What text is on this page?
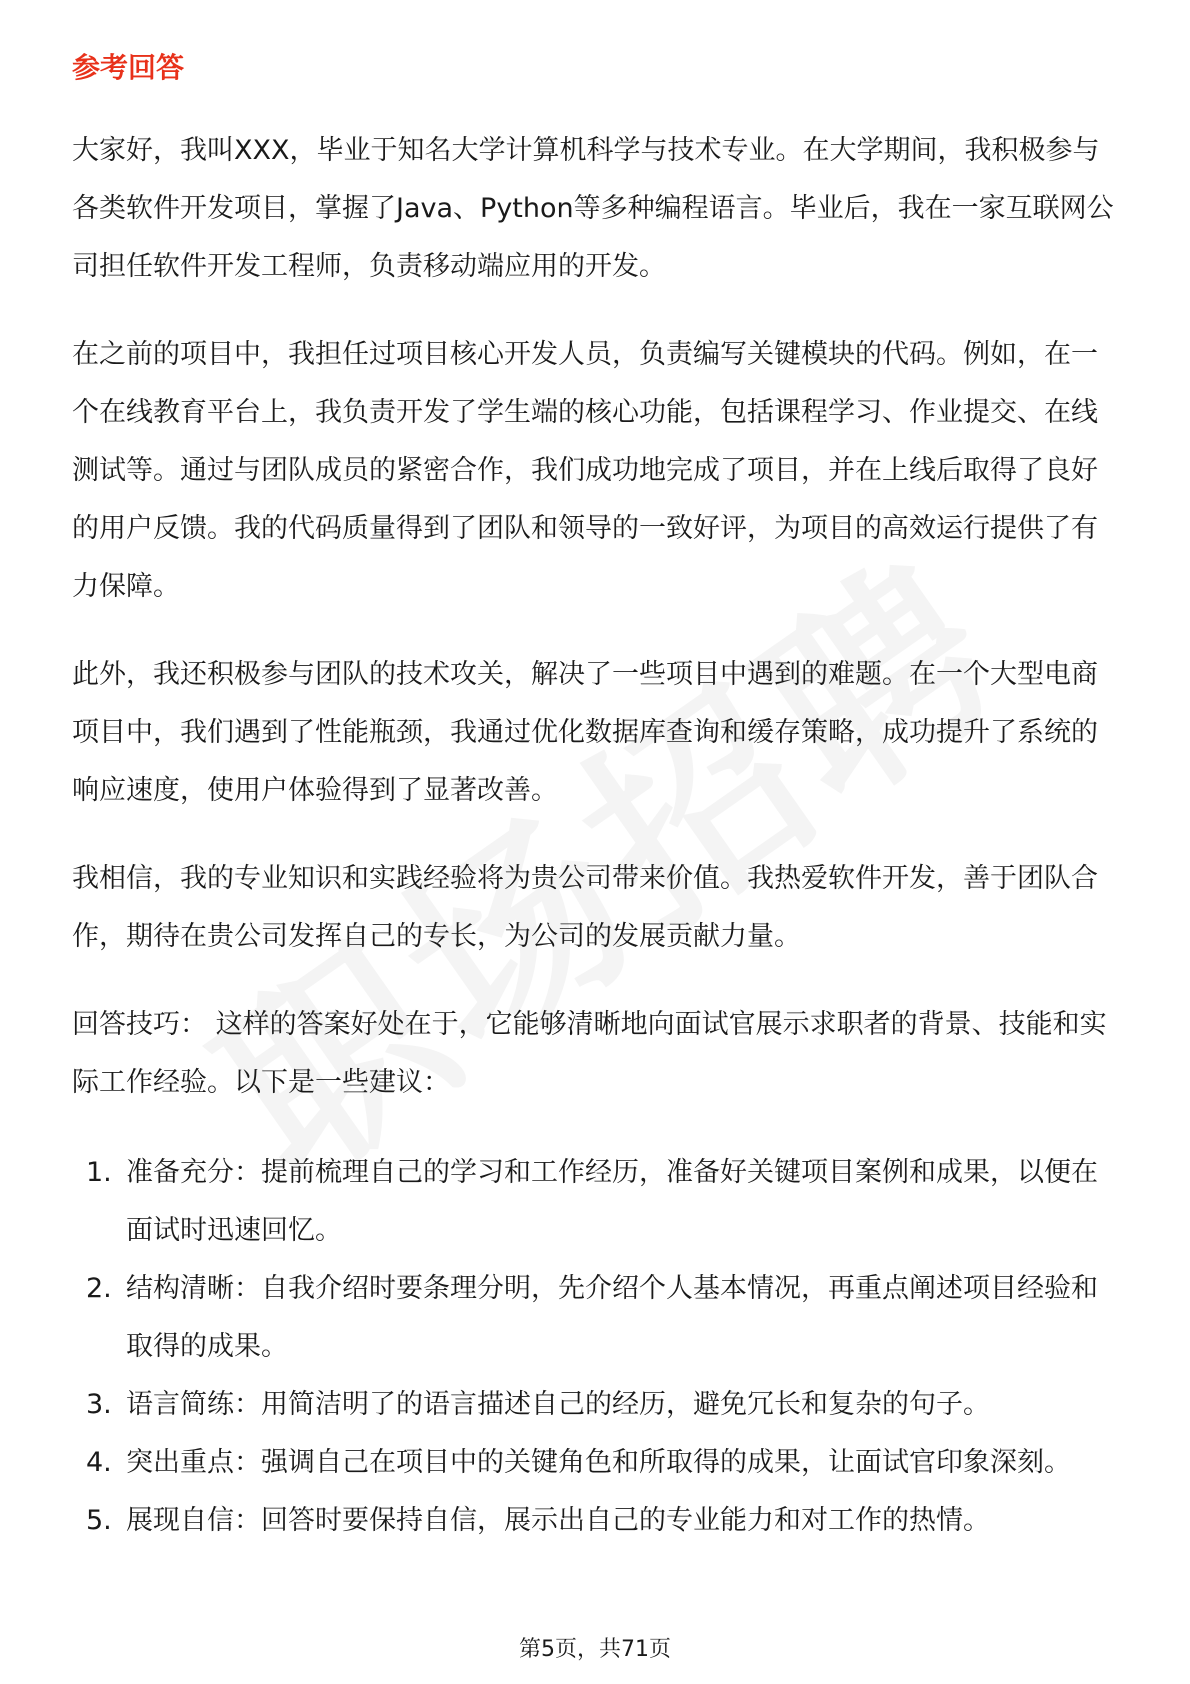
参考回答

大家好，我叫XXX，毕业于知名大学计算机科学与技术专业。在大学期间，我积极参与各类软件开发项目，掌握了Java、Python等多种编程语言。毕业后，我在一家互联网公司担任软件开发工程师，负责移动端应用的开发。

在之前的项目中，我担任过项目核心开发人员，负责编写关键模块的代码。例如，在一个在线教育平台上，我负责开发了学生端的核心功能，包括课程学习、作业提交、在线测试等。通过与团队成员的紧密合作，我们成功地完成了项目，并在上线后取得了良好的用户反馈。我的代码质量得到了团队和领导的一致好评，为项目的高效运行提供了有力保障。

此外，我还积极参与团队的技术攻关，解决了一些项目中遇到的难题。在一个大型电商项目中，我们遇到了性能瓶颈，我通过优化数据库查询和缓存策略，成功提升了系统的响应速度，使用户体验得到了显著改善。

我相信，我的专业知识和实践经验将为贵公司带来价值。我热爱软件开发，善于团队合作，期待在贵公司发挥自己的专长，为公司的发展贡献力量。

回答技巧： 这样的答案好处在于，它能够清晰地向面试官展示求职者的背景、技能和实际工作经验。以下是一些建议：

1. 准备充分：提前梳理自己的学习和工作经历，准备好关键项目案例和成果，以便在面试时迅速回忆。
2. 结构清晰：自我介绍时要条理分明，先介绍个人基本情况，再重点阐述项目经验和取得的成果。
3. 语言简练：用简洁明了的语言描述自己的经历，避免冗长和复杂的句子。
4. 突出重点：强调自己在项目中的关键角色和所取得的成果，让面试官印象深刻。
5. 展现自信：回答时要保持自信，展示出自己的专业能力和对工作的热情。
第5页，共71页
